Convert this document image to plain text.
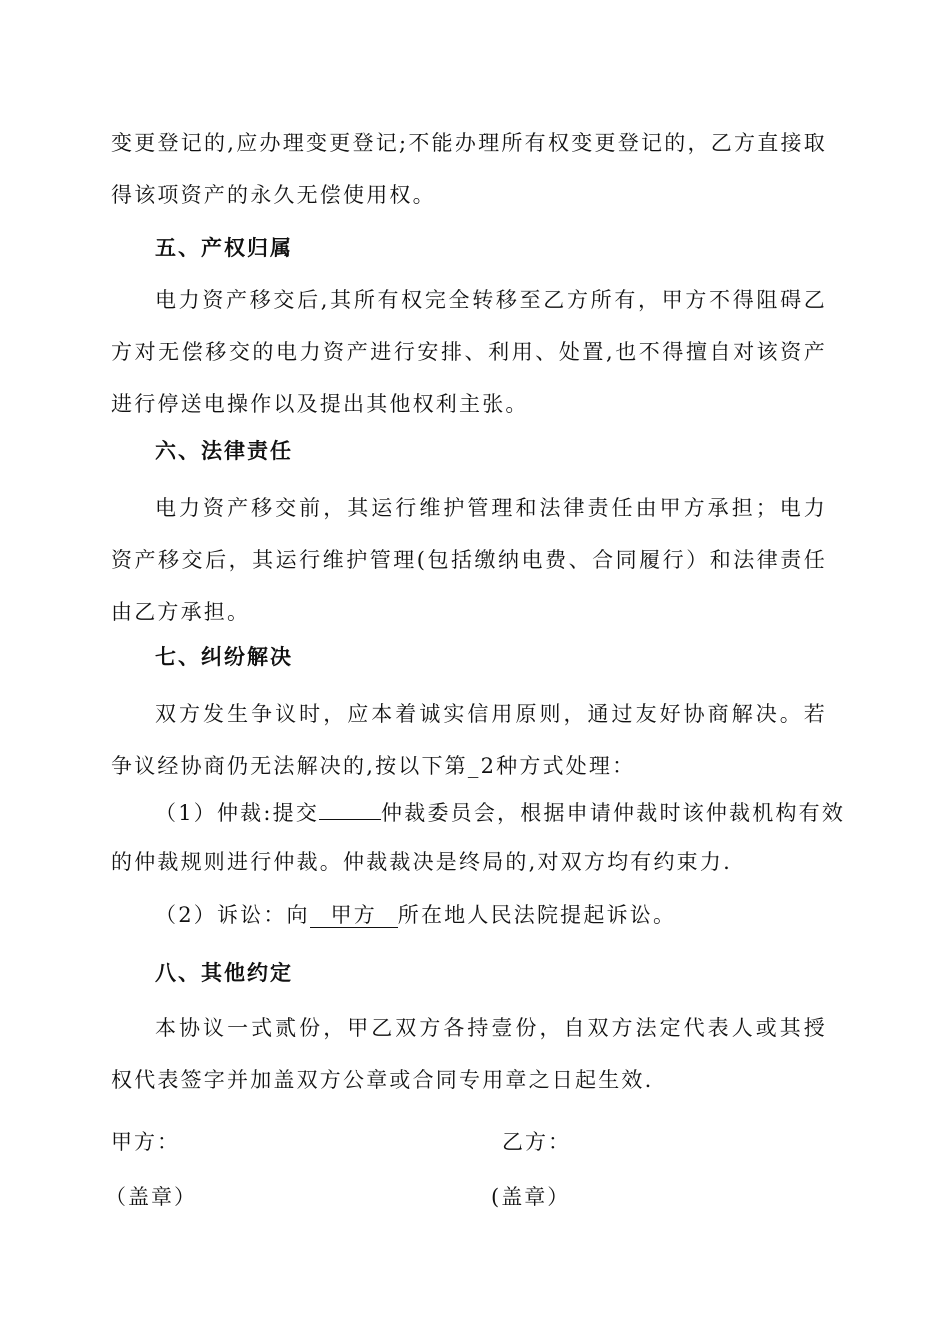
变更登记的,应办理变更登记;不能办理所有权变更登记的，乙方直接取得该项资产的永久无偿使用权。

五、产权归属

电力资产移交后,其所有权完全转移至乙方所有，甲方不得阻碍乙方对无偿移交的电力资产进行安排、利用、处置,也不得擅自对该资产进行停送电操作以及提出其他权利主张。

六、法律责任

电力资产移交前，其运行维护管理和法律责任由甲方承担；电力资产移交后，其运行维护管理(包括缴纳电费、合同履行）和法律责任由乙方承担。

七、纠纷解决

双方发生争议时，应本着诚实信用原则，通过友好协商解决。若争议经协商仍无法解决的,按以下第_2种方式处理：

（1）仲裁:提交	仲裁委员会，根据申请仲裁时该仲裁机构有效
的仲裁规则进行仲裁。仲裁裁决是终局的,对双方均有约束力.
（2）诉讼：向 甲方 所在地人民法院提起诉讼。
八、其他约定

本协议一式贰份，甲乙双方各持壹份，自双方法定代表人或其授权代表签字并加盖双方公章或合同专用章之日起生效.

甲方：	乙方：
（盖章）	(盖章）
